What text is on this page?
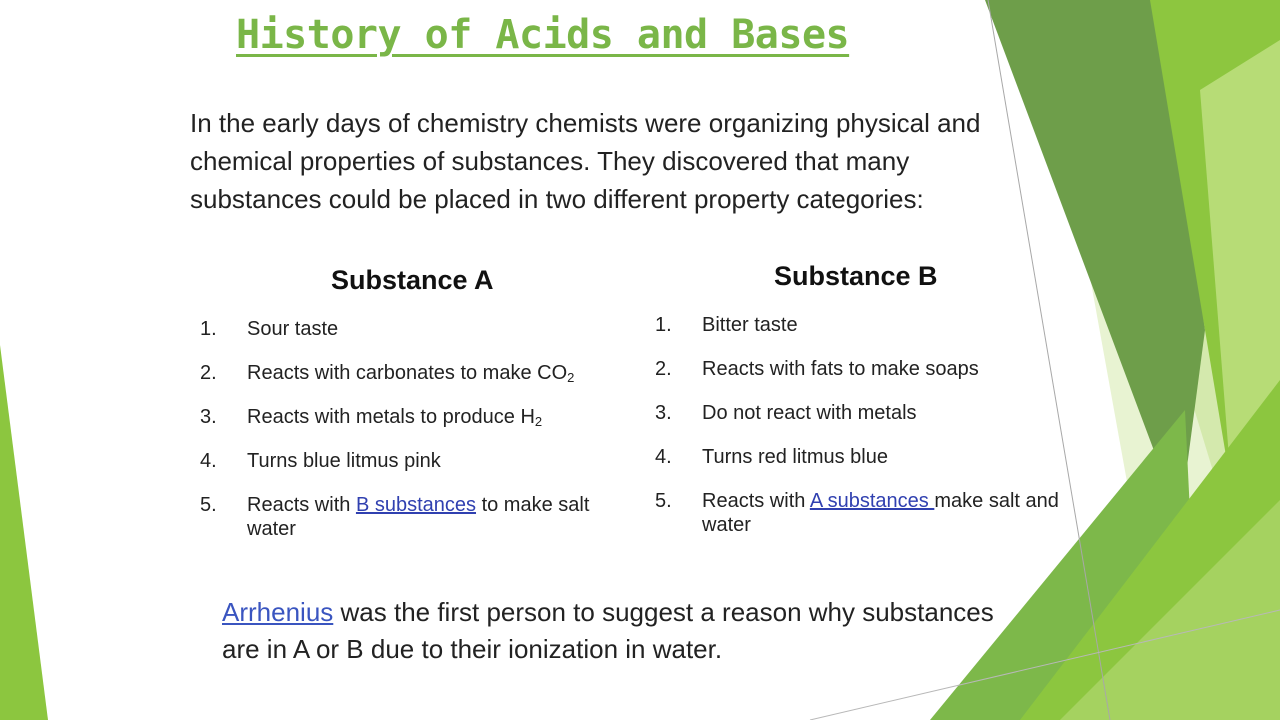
History of Acids and Bases

In the early days of chemistry chemists were organizing physical and chemical properties of substances. They discovered that many substances could be placed in two different property categories:

Substance A	Substance B
1. Sour taste
2. Reacts with carbonates to make $CO_2$
3. Reacts with metals to produce $H_2$
4. Turns blue litmus pink
5. Reacts with B substances to make salt water
1. Bitter taste
2. Reacts with fats to make soaps
3. Do not react with metals
4. Turns red litmus blue
5. Reacts with A substances make salt and water

Arrhenius was the first person to suggest a reason why substances are in A or B due to their ionization in water.
